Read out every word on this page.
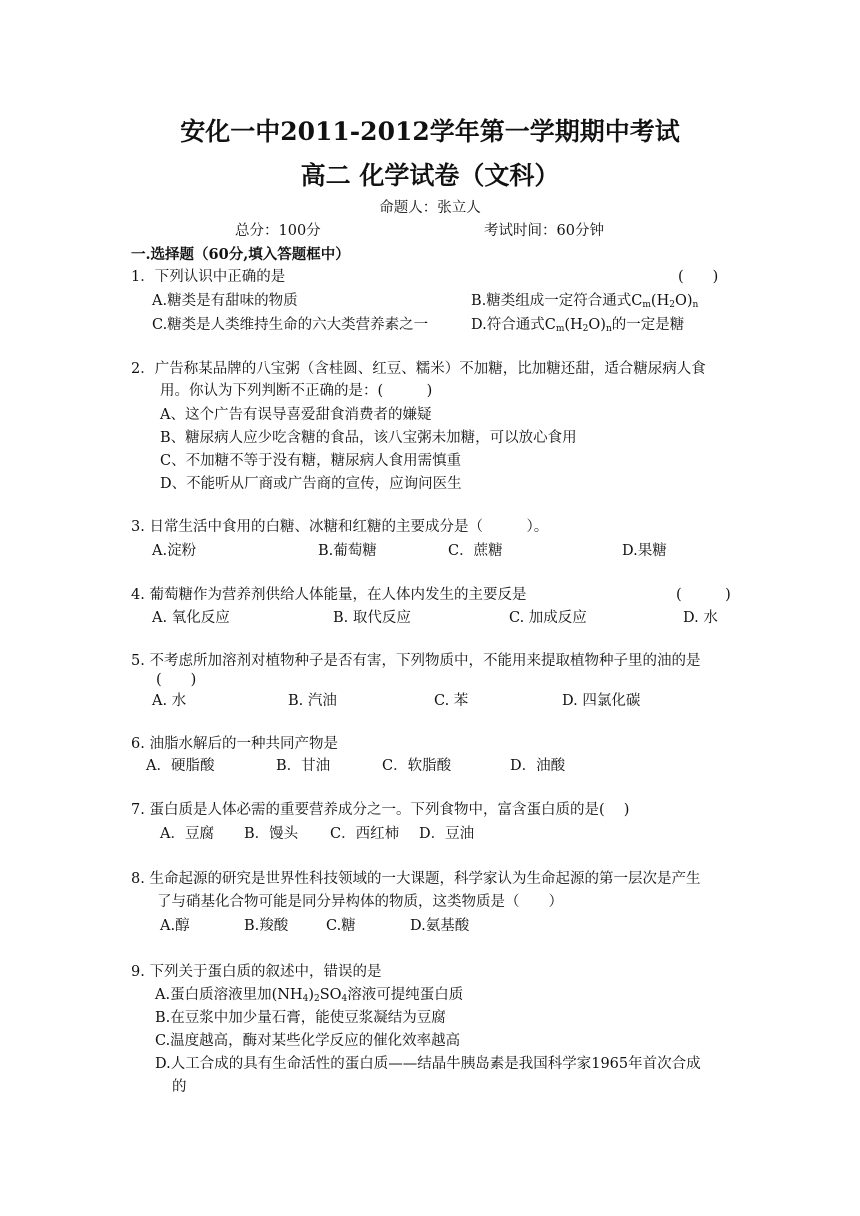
安化一中2011-2012学年第一学期期中考试
高二 化学试卷（文科）
命题人：张立人
总分：100分	考试时间：60分钟
一.选择题（60分,填入答题框中）
1．下列认识中正确的是	(　　)
A.糖类是有甜味的物质	B.糖类组成一定符合通式$C_m(H_2O)_n$
C.糖类是人类维持生命的六大类营养素之一	D.符合通式$C_m(H_2O)_n$的一定是糖
2．广告称某品牌的八宝粥（含桂圆、红豆、糯米）不加糖，比加糖还甜，适合糖尿病人食
用。你认为下列判断不正确的是：(　　　)
A、这个广告有误导喜爱甜食消费者的嫌疑
B、糖尿病人应少吃含糖的食品，该八宝粥未加糖，可以放心食用
C、不加糖不等于没有糖，糖尿病人食用需慎重
D、不能听从厂商或广告商的宣传，应询问医生
3. 日常生活中食用的白糖、冰糖和红糖的主要成分是（　　　）。
A.淀粉	B.葡萄糖	C．蔗糖	D.果糖
4. 葡萄糖作为营养剂供给人体能量，在人体内发生的主要反是	(　　　)
A. 氧化反应	B. 取代反应	C. 加成反应	D. 水
5. 不考虑所加溶剂对植物种子是否有害，下列物质中，不能用来提取植物种子里的油的是
(　　)
A. 水	B. 汽油	C. 苯	D. 四氯化碳
6. 油脂水解后的一种共同产物是
A．硬脂酸	B．甘油	C．软脂酸	D．油酸
7. 蛋白质是人体必需的重要营养成分之一。下列食物中，富含蛋白质的是(　 )
A．豆腐 B．馒头 C．西红柿 D．豆油
8. 生命起源的研究是世界性科技领域的一大课题，科学家认为生命起源的第一层次是产生
了与硝基化合物可能是同分异构体的物质，这类物质是（　　）
A.醇	B.羧酸	C.糖	D.氨基酸
9. 下列关于蛋白质的叙述中，错误的是
A.蛋白质溶液里加$(NH_4)_2SO_4$溶液可提纯蛋白质
B.在豆浆中加少量石膏，能使豆浆凝结为豆腐
C.温度越高，酶对某些化学反应的催化效率越高
D.人工合成的具有生命活性的蛋白质——结晶牛胰岛素是我国科学家1965年首次合成
的
